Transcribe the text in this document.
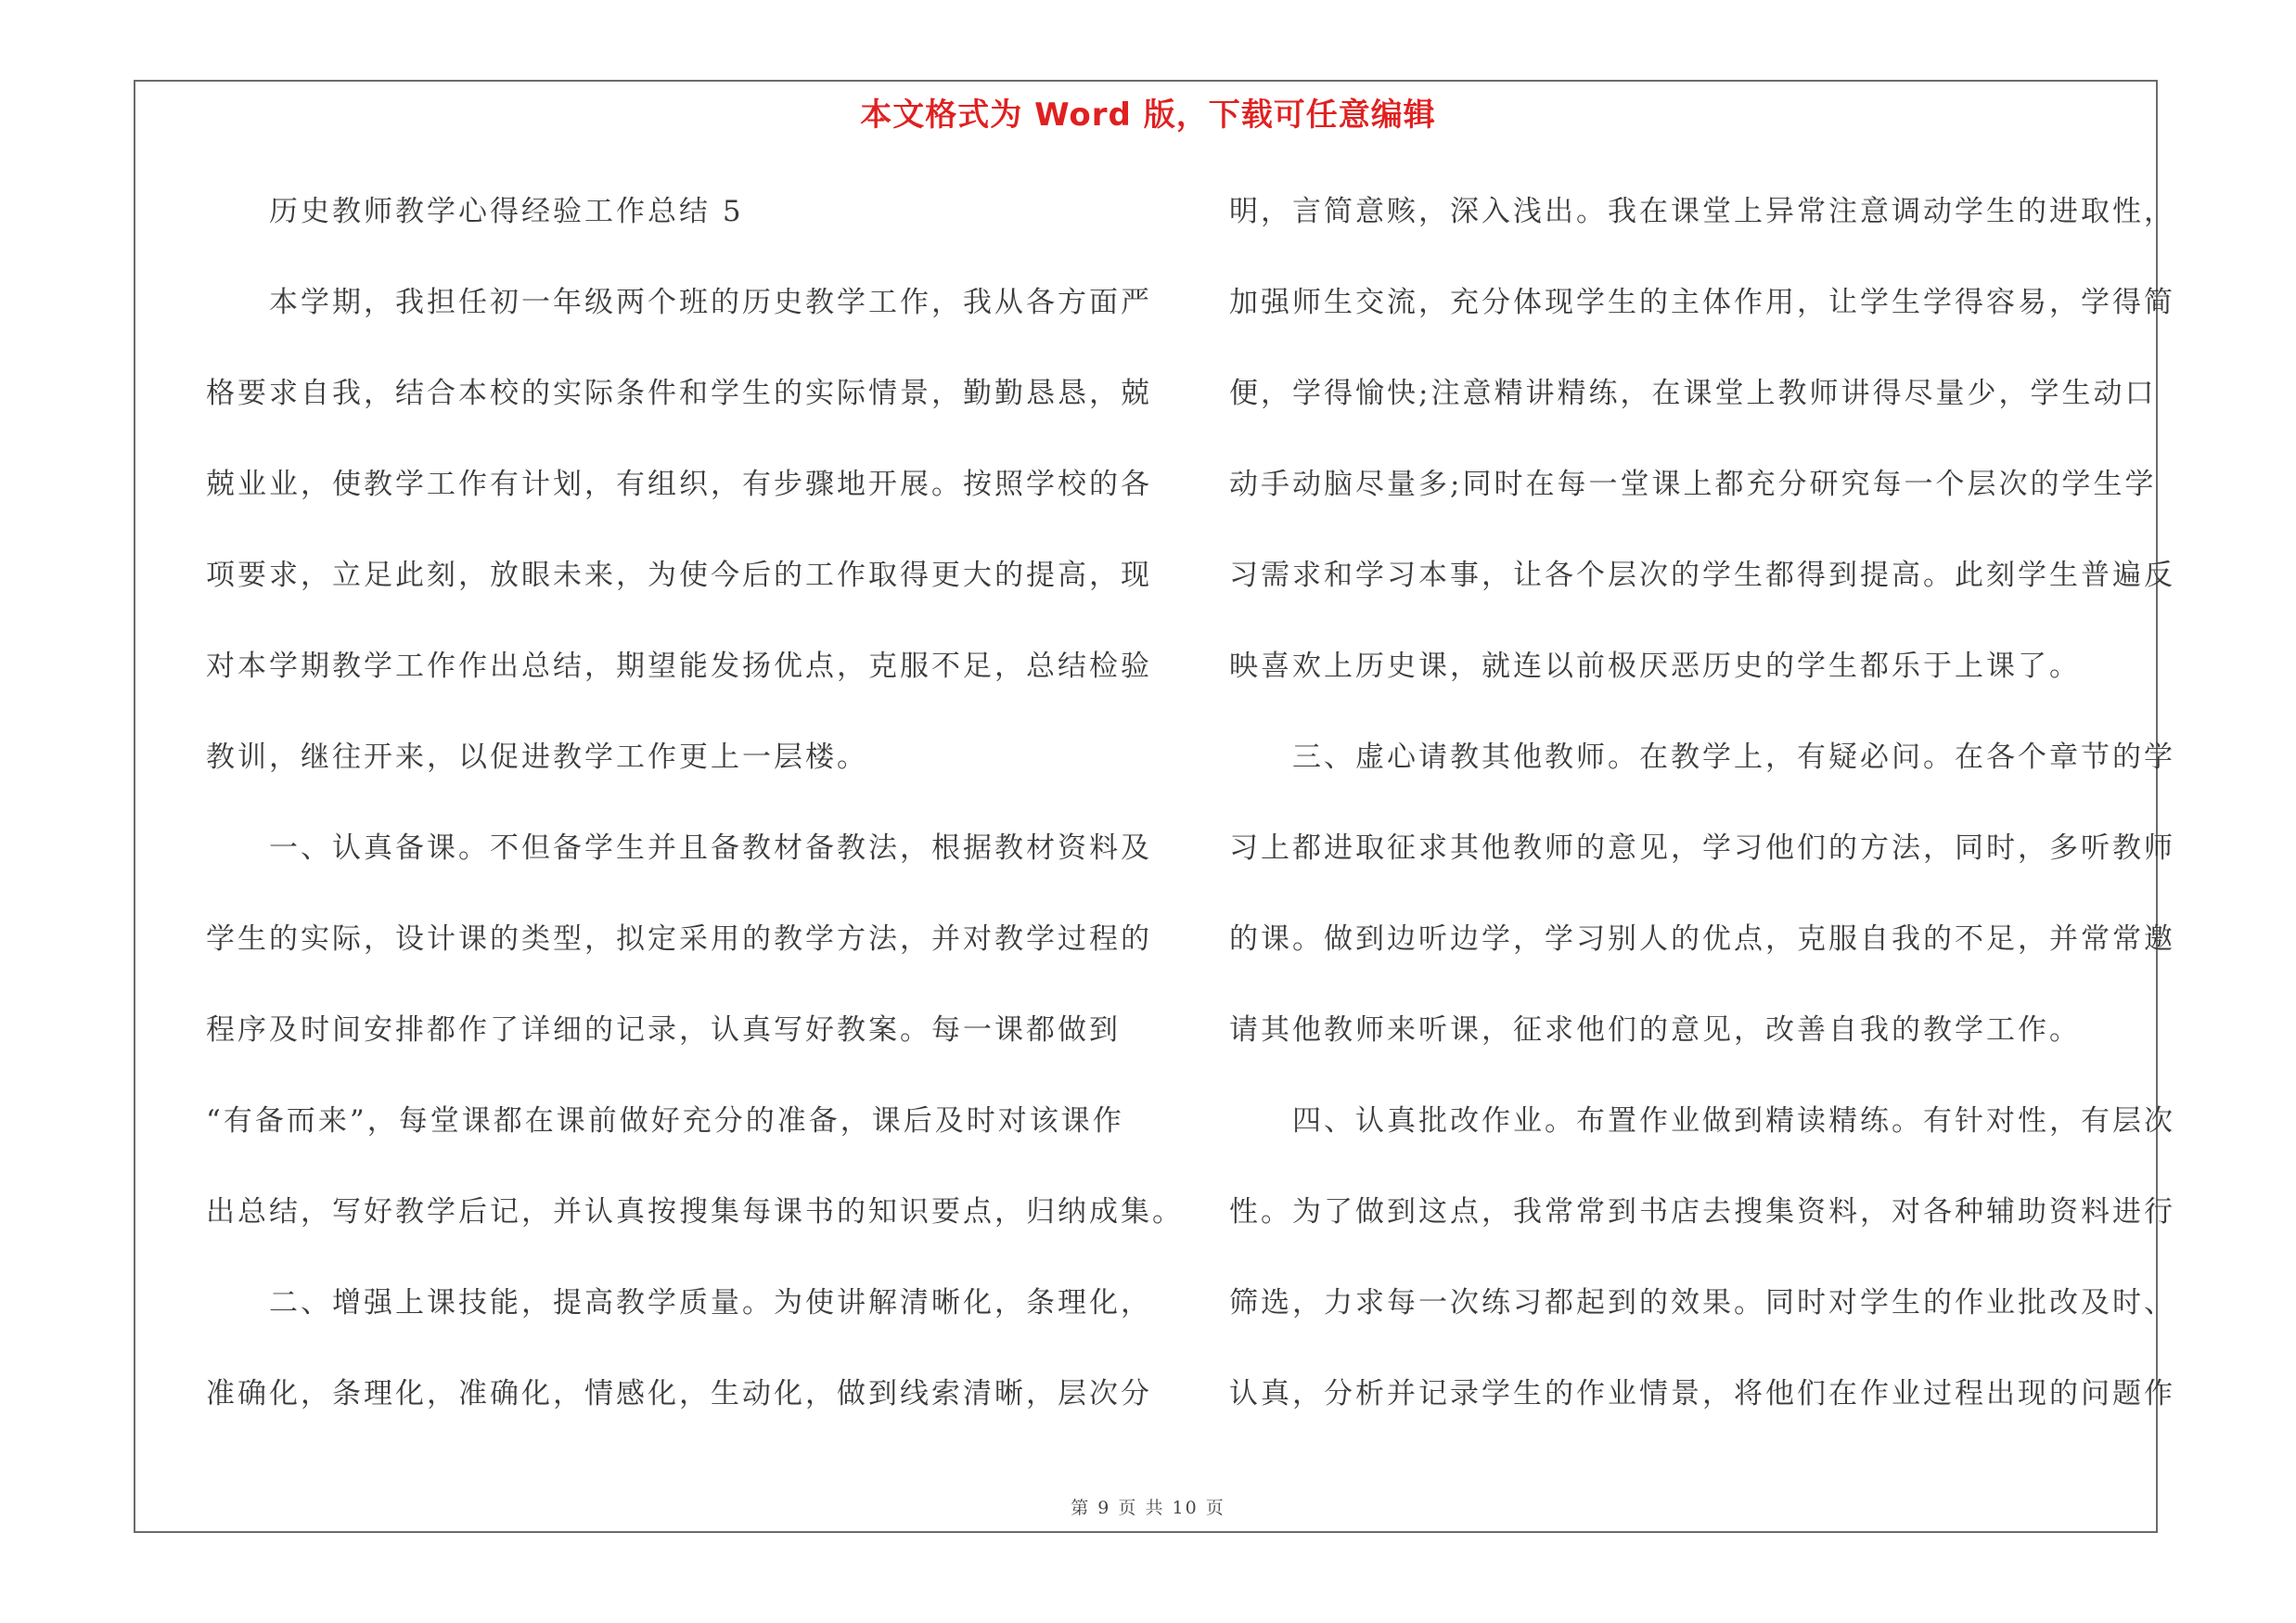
本文格式为 Word 版，下载可任意编辑
　　历史教师教学心得经验工作总结 5
　　本学期，我担任初一年级两个班的历史教学工作，我从各方面严
格要求自我，结合本校的实际条件和学生的实际情景，勤勤恳恳，兢
兢业业，使教学工作有计划，有组织，有步骤地开展。按照学校的各
项要求，立足此刻，放眼未来，为使今后的工作取得更大的提高，现
对本学期教学工作作出总结，期望能发扬优点，克服不足，总结检验
教训，继往开来，以促进教学工作更上一层楼。
　　一、认真备课。不但备学生并且备教材备教法，根据教材资料及
学生的实际，设计课的类型，拟定采用的教学方法，并对教学过程的
程序及时间安排都作了详细的记录，认真写好教案。每一课都做到
“有备而来”，每堂课都在课前做好充分的准备，课后及时对该课作
出总结，写好教学后记，并认真按搜集每课书的知识要点，归纳成集。
　　二、增强上课技能，提高教学质量。为使讲解清晰化，条理化，
准确化，条理化，准确化，情感化，生动化，做到线索清晰，层次分
明，言简意赅，深入浅出。我在课堂上异常注意调动学生的进取性，
加强师生交流，充分体现学生的主体作用，让学生学得容易，学得简
便，学得愉快;注意精讲精练，在课堂上教师讲得尽量少，学生动口
动手动脑尽量多;同时在每一堂课上都充分研究每一个层次的学生学
习需求和学习本事，让各个层次的学生都得到提高。此刻学生普遍反
映喜欢上历史课，就连以前极厌恶历史的学生都乐于上课了。
　　三、虚心请教其他教师。在教学上，有疑必问。在各个章节的学
习上都进取征求其他教师的意见，学习他们的方法，同时，多听教师
的课。做到边听边学，学习别人的优点，克服自我的不足，并常常邀
请其他教师来听课，征求他们的意见，改善自我的教学工作。
　　四、认真批改作业。布置作业做到精读精练。有针对性，有层次
性。为了做到这点，我常常到书店去搜集资料，对各种辅助资料进行
筛选，力求每一次练习都起到的效果。同时对学生的作业批改及时、
认真，分析并记录学生的作业情景，将他们在作业过程出现的问题作
第 9 页 共 10 页
